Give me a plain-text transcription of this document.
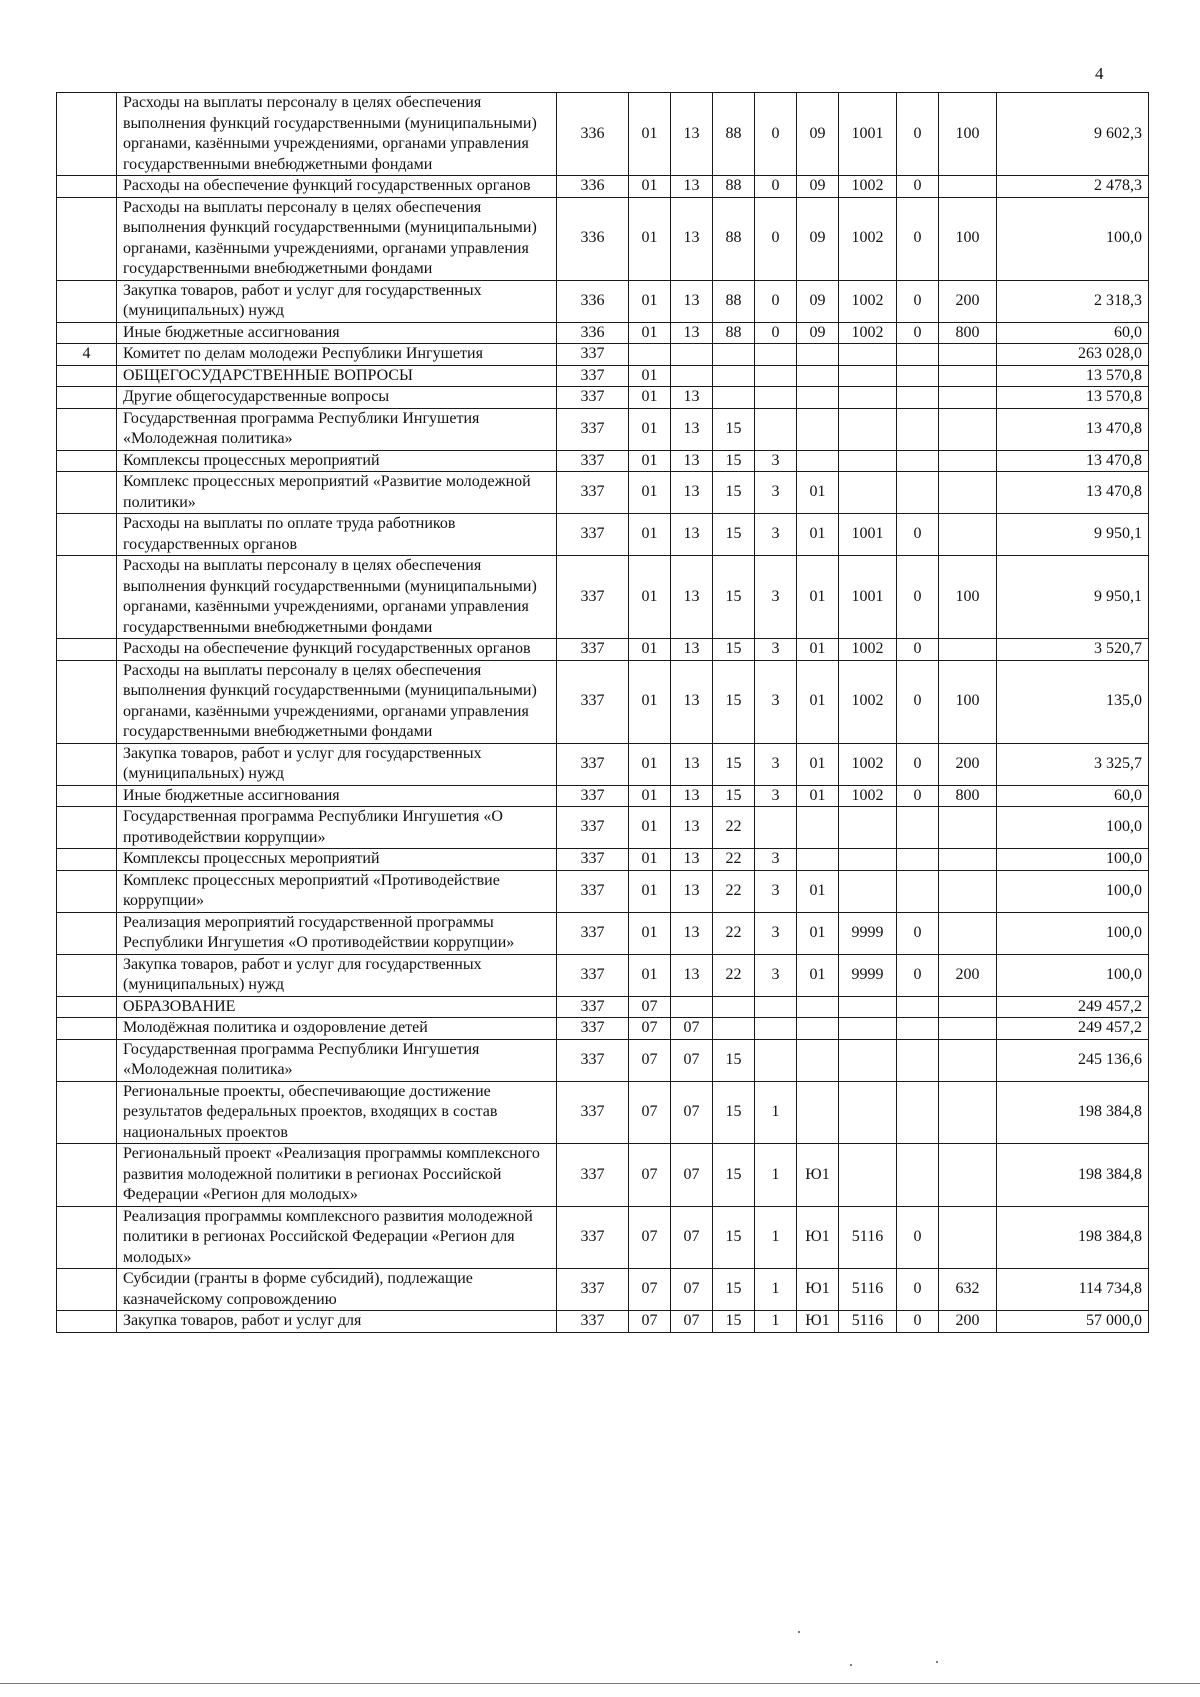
4
	Расходы на выплаты персоналу в целях обеспечения выполнения функций государственными (муниципальными) органами, казёнными учреждениями, органами управления государственными внебюджетными фондами	336	01	13	88	0	09	1001	0	100	9 602,3
	Расходы на обеспечение функций государственных органов	336	01	13	88	0	09	1002	0		2 478,3
	Расходы на выплаты персоналу в целях обеспечения выполнения функций государственными (муниципальными) органами, казёнными учреждениями, органами управления государственными внебюджетными фондами	336	01	13	88	0	09	1002	0	100	100,0
	Закупка товаров, работ и услуг для государственных (муниципальных) нужд	336	01	13	88	0	09	1002	0	200	2 318,3
	Иные бюджетные ассигнования	336	01	13	88	0	09	1002	0	800	60,0
4	Комитет по делам молодежи Республики Ингушетия	337									263 028,0
	ОБЩЕГОСУДАРСТВЕННЫЕ ВОПРОСЫ	337	01								13 570,8
	Другие общегосударственные вопросы	337	01	13							13 570,8
	Государственная программа Республики Ингушетия «Молодежная политика»	337	01	13	15						13 470,8
	Комплексы процессных мероприятий	337	01	13	15	3					13 470,8
	Комплекс процессных мероприятий «Развитие молодежной политики»	337	01	13	15	3	01				13 470,8
	Расходы на выплаты по оплате труда работников государственных органов	337	01	13	15	3	01	1001	0		9 950,1
	Расходы на выплаты персоналу в целях обеспечения выполнения функций государственными (муниципальными) органами, казёнными учреждениями, органами управления государственными внебюджетными фондами	337	01	13	15	3	01	1001	0	100	9 950,1
	Расходы на обеспечение функций государственных органов	337	01	13	15	3	01	1002	0		3 520,7
	Расходы на выплаты персоналу в целях обеспечения выполнения функций государственными (муниципальными) органами, казёнными учреждениями, органами управления государственными внебюджетными фондами	337	01	13	15	3	01	1002	0	100	135,0
	Закупка товаров, работ и услуг для государственных (муниципальных) нужд	337	01	13	15	3	01	1002	0	200	3 325,7
	Иные бюджетные ассигнования	337	01	13	15	3	01	1002	0	800	60,0
	Государственная программа Республики Ингушетия «О противодействии коррупции»	337	01	13	22						100,0
	Комплексы процессных мероприятий	337	01	13	22	3					100,0
	Комплекс процессных мероприятий «Противодействие коррупции»	337	01	13	22	3	01				100,0
	Реализация мероприятий государственной программы Республики Ингушетия «О противодействии коррупции»	337	01	13	22	3	01	9999	0		100,0
	Закупка товаров, работ и услуг для государственных (муниципальных) нужд	337	01	13	22	3	01	9999	0	200	100,0
	ОБРАЗОВАНИЕ	337	07								249 457,2
	Молодёжная политика и оздоровление детей	337	07	07							249 457,2
	Государственная программа Республики Ингушетия «Молодежная политика»	337	07	07	15						245 136,6
	Региональные проекты, обеспечивающие достижение результатов федеральных проектов, входящих в состав национальных проектов	337	07	07	15	1					198 384,8
	Региональный проект «Реализация программы комплексного развития молодежной политики в регионах Российской Федерации «Регион для молодых»	337	07	07	15	1	Ю1				198 384,8
	Реализация программы комплексного развития молодежной политики в регионах Российской Федерации «Регион для молодых»	337	07	07	15	1	Ю1	5116	0		198 384,8
	Субсидии (гранты в форме субсидий), подлежащие казначейскому сопровождению	337	07	07	15	1	Ю1	5116	0	632	114 734,8
	Закупка товаров, работ и услуг для	337	07	07	15	1	Ю1	5116	0	200	57 000,0
